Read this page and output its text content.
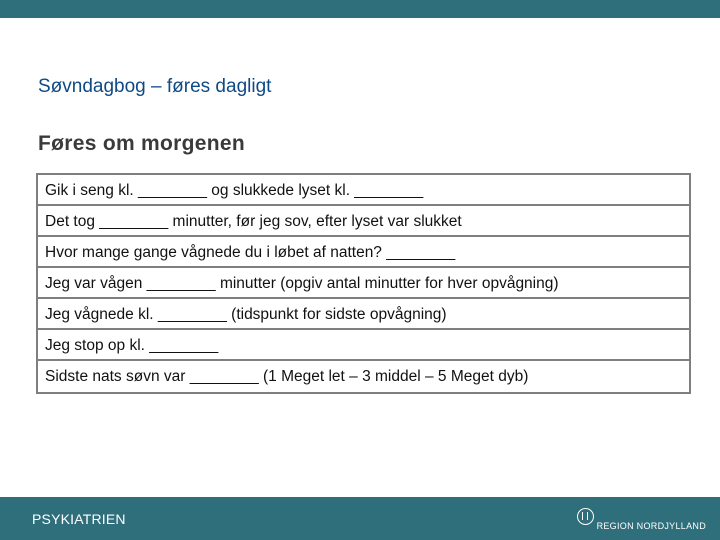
Søvndagbog – føres dagligt
Føres om morgenen
Gik i seng kl. ________ og slukkede lyset kl. ________
Det tog ________ minutter, før jeg sov, efter lyset var slukket
Hvor mange gange vågnede du i løbet af natten? ________
Jeg var vågen ________ minutter (opgiv antal minutter for hver opvågning)
Jeg vågnede kl. ________ (tidspunkt for sidste opvågning)
Jeg stop op kl. ________
Sidste nats søvn var ________ (1 Meget let – 3 middel – 5 Meget dyb)
PSYKIATRIEN	REGION NORDJYLLAND
